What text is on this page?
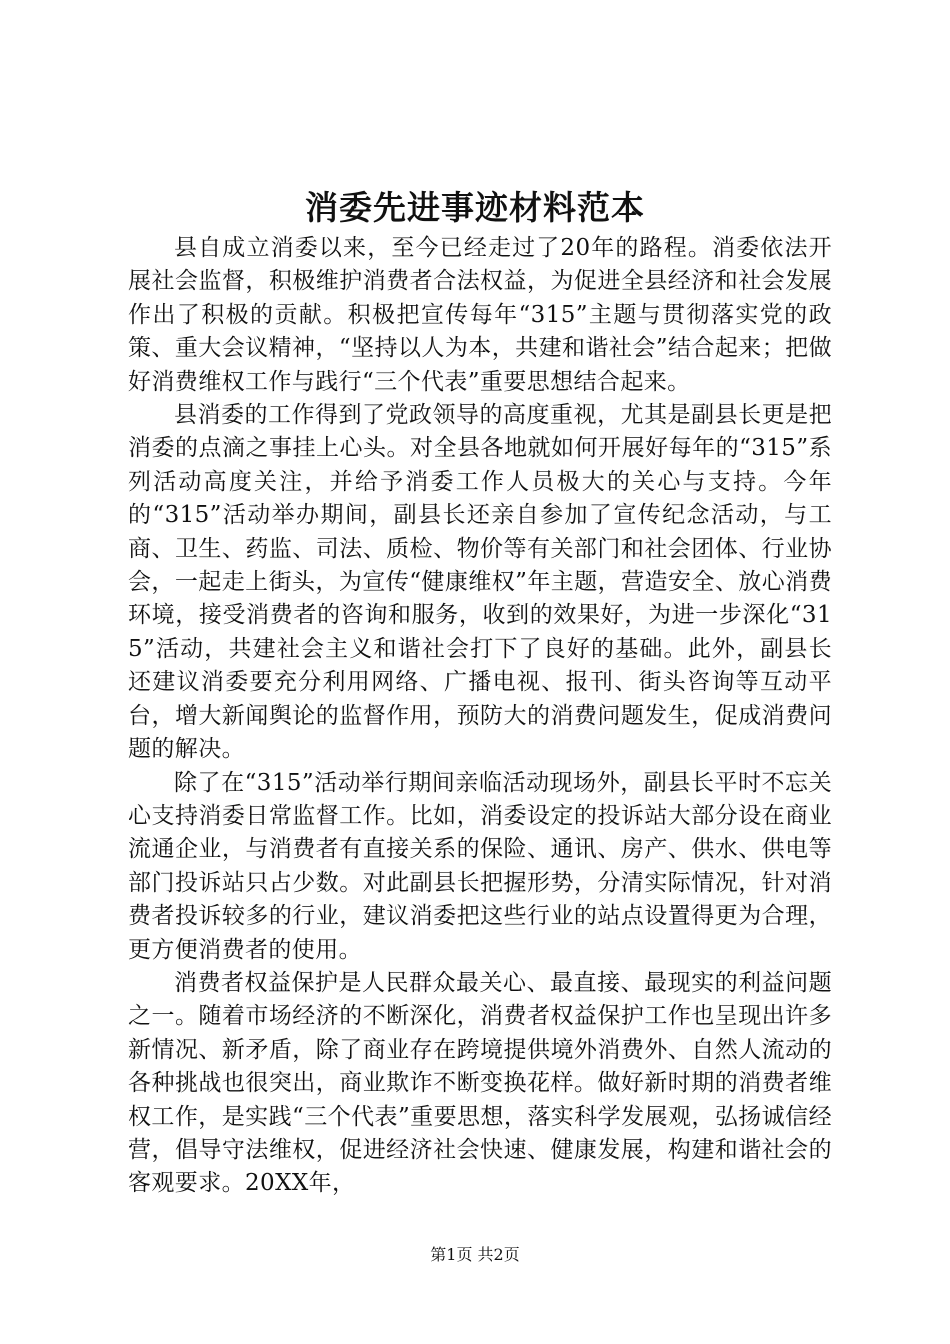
消委先进事迹材料范本

县自成立消委以来，至今已经走过了20年的路程。消委依法开展社会监督，积极维护消费者合法权益，为促进全县经济和社会发展作出了积极的贡献。积极把宣传每年“315”主题与贯彻落实党的政策、重大会议精神，“坚持以人为本，共建和谐社会”结合起来；把做好消费维权工作与践行“三个代表”重要思想结合起来。

县消委的工作得到了党政领导的高度重视，尤其是副县长更是把消委的点滴之事挂上心头。对全县各地就如何开展好每年的“315”系列活动高度关注，并给予消委工作人员极大的关心与支持。今年的“315”活动举办期间，副县长还亲自参加了宣传纪念活动，与工商、卫生、药监、司法、质检、物价等有关部门和社会团体、行业协会，一起走上街头，为宣传“健康维权”年主题，营造安全、放心消费环境，接受消费者的咨询和服务，收到的效果好，为进一步深化“315”活动，共建社会主义和谐社会打下了良好的基础。此外，副县长还建议消委要充分利用网络、广播电视、报刊、街头咨询等互动平台，增大新闻舆论的监督作用，预防大的消费问题发生，促成消费问题的解决。

除了在“315”活动举行期间亲临活动现场外，副县长平时不忘关心支持消委日常监督工作。比如，消委设定的投诉站大部分设在商业流通企业，与消费者有直接关系的保险、通讯、房产、供水、供电等部门投诉站只占少数。对此副县长把握形势，分清实际情况，针对消费者投诉较多的行业，建议消委把这些行业的站点设置得更为合理，更方便消费者的使用。

消费者权益保护是人民群众最关心、最直接、最现实的利益问题之一。随着市场经济的不断深化，消费者权益保护工作也呈现出许多新情况、新矛盾，除了商业存在跨境提供境外消费外、自然人流动的各种挑战也很突出，商业欺诈不断变换花样。做好新时期的消费者维权工作，是实践“三个代表”重要思想，落实科学发展观，弘扬诚信经营，倡导守法维权，促进经济社会快速、健康发展，构建和谐社会的客观要求。20XX年，

第1页 共2页
